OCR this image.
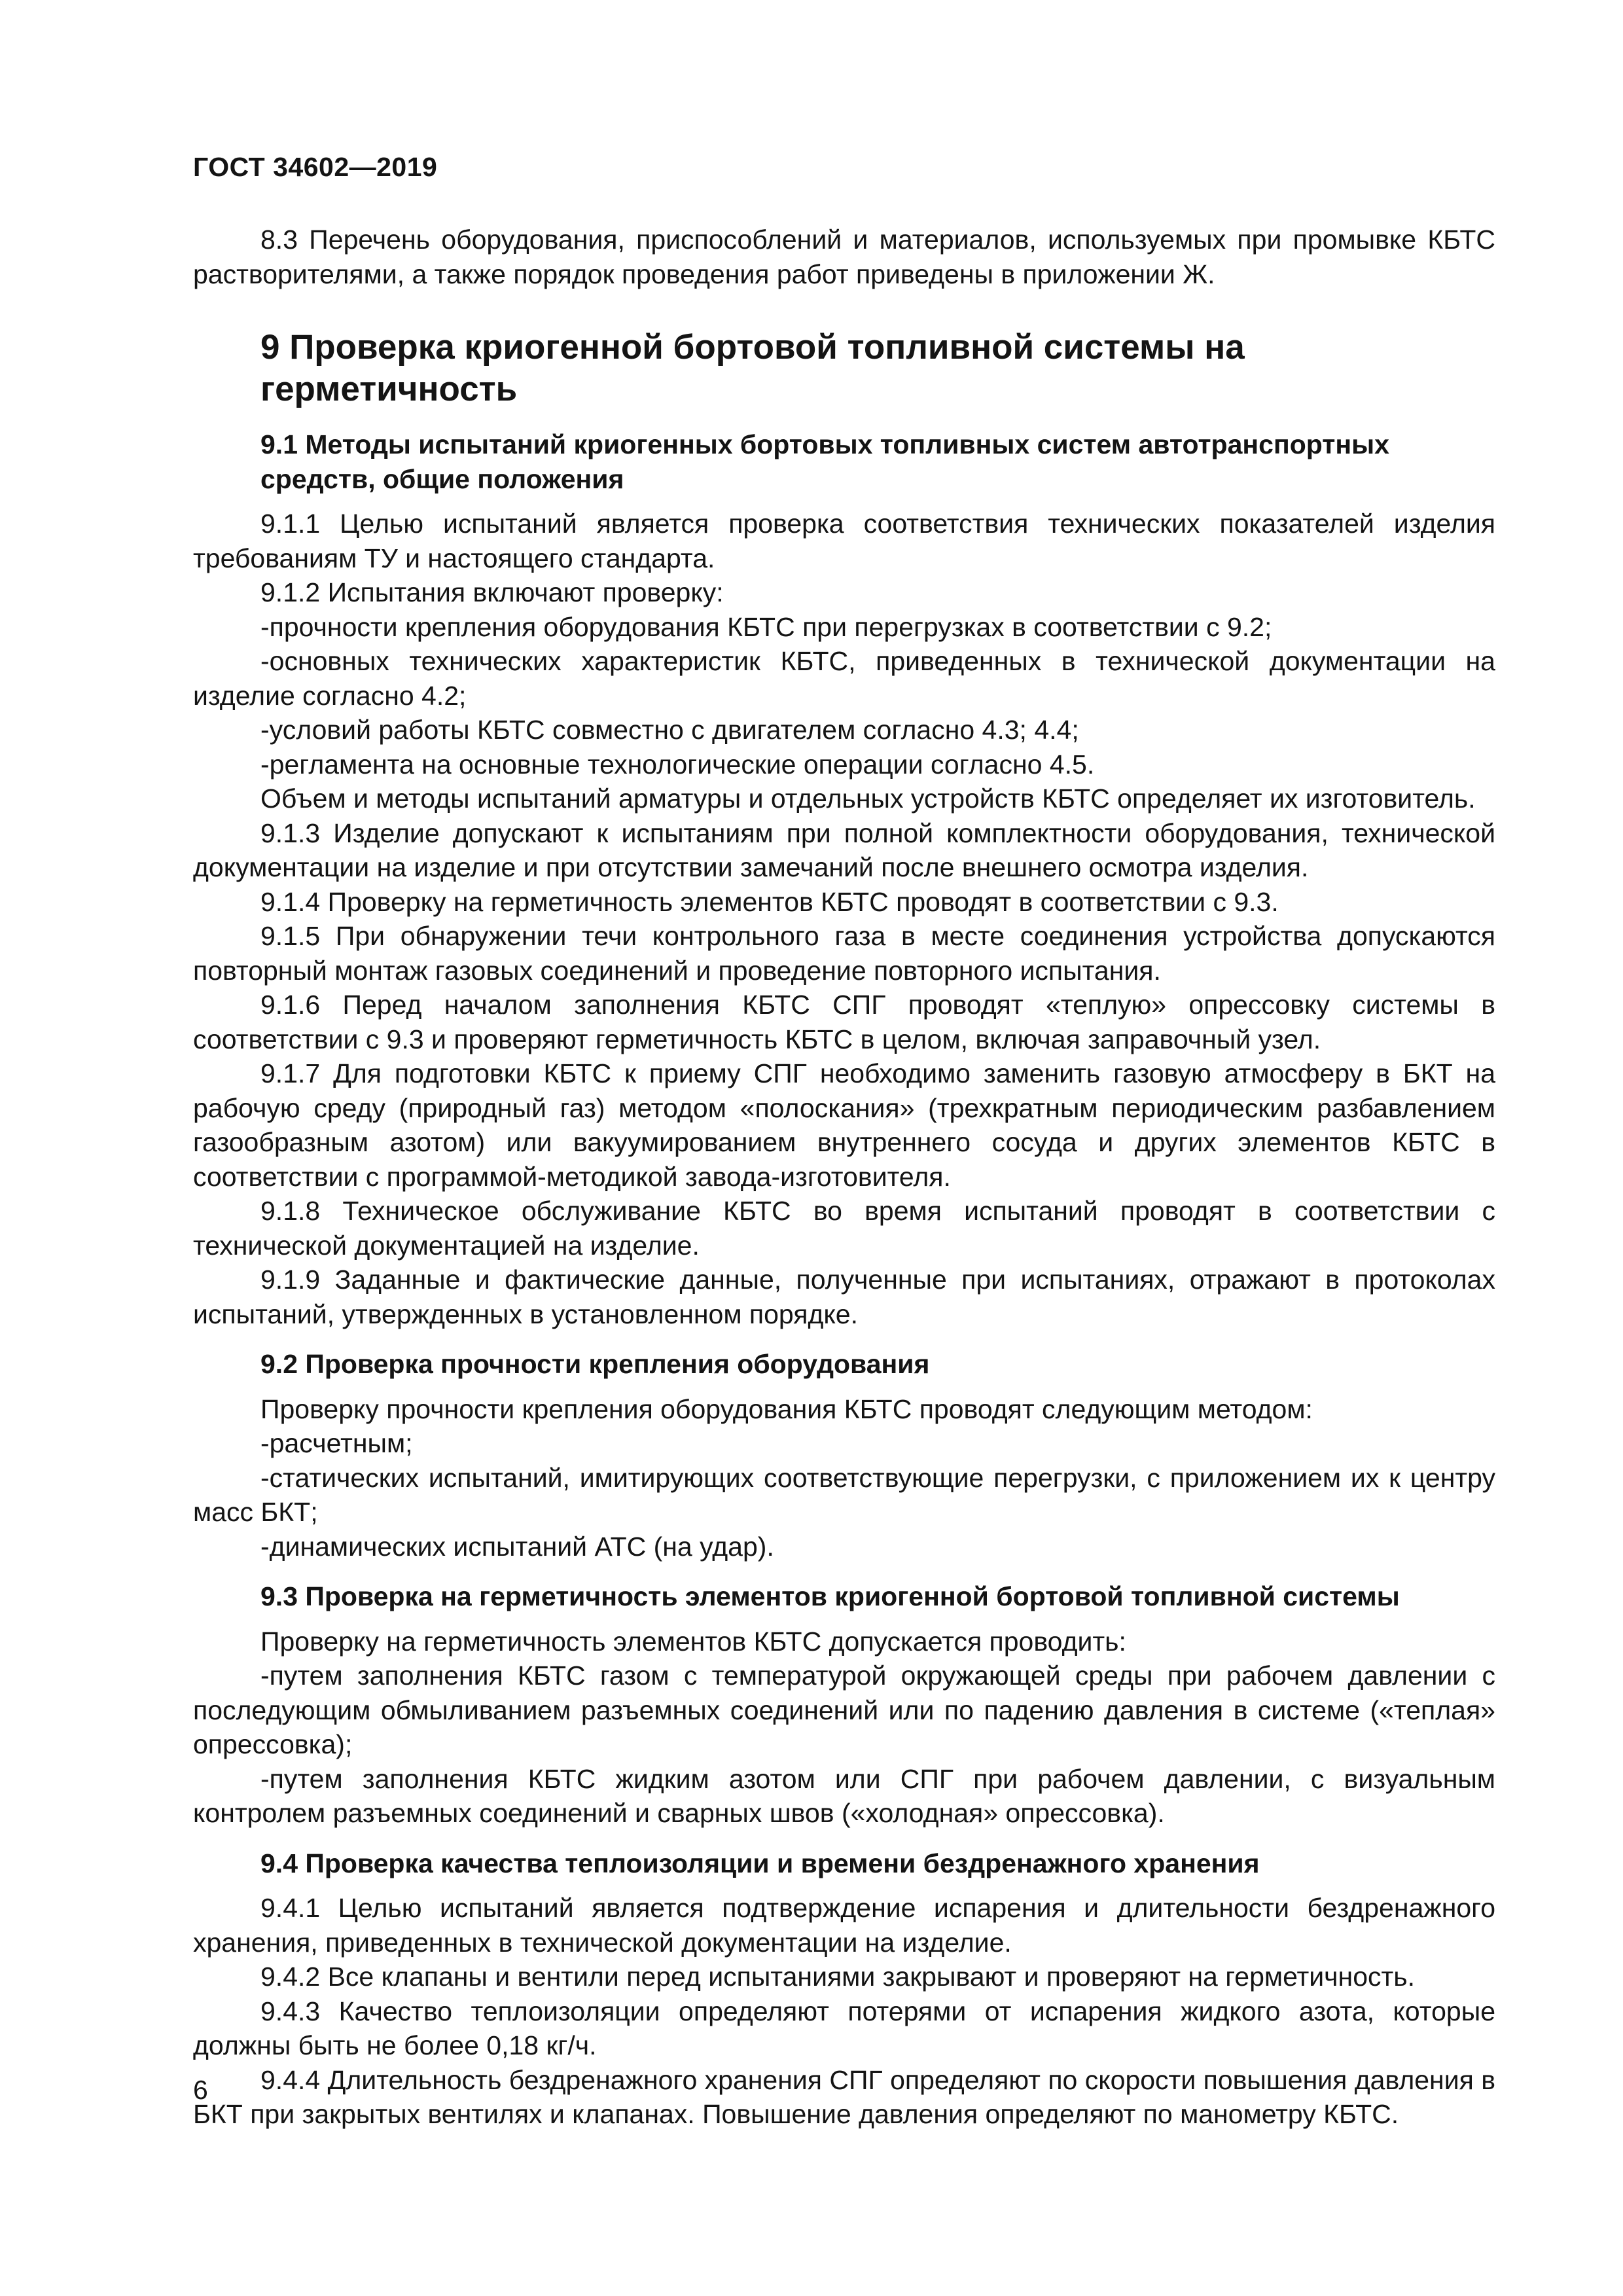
ГОСТ 34602—2019

8.3 Перечень оборудования, приспособлений и материалов, используемых при промывке КБТС растворителями, а также порядок проведения работ приведены в приложении Ж.

9 Проверка криогенной бортовой топливной системы на герметичность
9.1 Методы испытаний криогенных бортовых топливных систем автотранспортных средств, общие положения

9.1.1 Целью испытаний является проверка соответствия технических показателей изделия требованиям ТУ и настоящего стандарта.

9.1.2 Испытания включают проверку:

-прочности крепления оборудования КБТС при перегрузках в соответствии с 9.2;

-основных технических характеристик КБТС, приведенных в технической документации на изделие согласно 4.2;

-условий работы КБТС совместно с двигателем согласно 4.3; 4.4;

-регламента на основные технологические операции согласно 4.5.

Объем и методы испытаний арматуры и отдельных устройств КБТС определяет их изготовитель.

9.1.3 Изделие допускают к испытаниям при полной комплектности оборудования, технической документации на изделие и при отсутствии замечаний после внешнего осмотра изделия.

9.1.4 Проверку на герметичность элементов КБТС проводят в соответствии с 9.3.

9.1.5 При обнаружении течи контрольного газа в месте соединения устройства допускаются повторный монтаж газовых соединений и проведение повторного испытания.

9.1.6 Перед началом заполнения КБТС СПГ проводят «теплую» опрессовку системы в соответствии с 9.3 и проверяют герметичность КБТС в целом, включая заправочный узел.

9.1.7 Для подготовки КБТС к приему СПГ необходимо заменить газовую атмосферу в БКТ на рабочую среду (природный газ) методом «полоскания» (трехкратным периодическим разбавлением газообразным азотом) или вакуумированием внутреннего сосуда и других элементов КБТС в соответствии с программой-методикой завода-изготовителя.

9.1.8 Техническое обслуживание КБТС во время испытаний проводят в соответствии с технической документацией на изделие.

9.1.9 Заданные и фактические данные, полученные при испытаниях, отражают в протоколах испытаний, утвержденных в установленном порядке.

9.2 Проверка прочности крепления оборудования

Проверку прочности крепления оборудования КБТС проводят следующим методом:

-расчетным;

-статических испытаний, имитирующих соответствующие перегрузки, с приложением их к центру масс БКТ;

-динамических испытаний АТС (на удар).

9.3 Проверка на герметичность элементов криогенной бортовой топливной системы

Проверку на герметичность элементов КБТС допускается проводить:

-путем заполнения КБТС газом с температурой окружающей среды при рабочем давлении с последующим обмыливанием разъемных соединений или по падению давления в системе («теплая» опрессовка);

-путем заполнения КБТС жидким азотом или СПГ при рабочем давлении, с визуальным контролем разъемных соединений и сварных швов («холодная» опрессовка).

9.4 Проверка качества теплоизоляции и времени бездренажного хранения

9.4.1 Целью испытаний является подтверждение испарения и длительности бездренажного хранения, приведенных в технической документации на изделие.

9.4.2 Все клапаны и вентили перед испытаниями закрывают и проверяют на герметичность.

9.4.3 Качество теплоизоляции определяют потерями от испарения жидкого азота, которые должны быть не более 0,18 кг/ч.

9.4.4 Длительность бездренажного хранения СПГ определяют по скорости повышения давления в БКТ при закрытых вентилях и клапанах. Повышение давления определяют по манометру КБТС.

6
